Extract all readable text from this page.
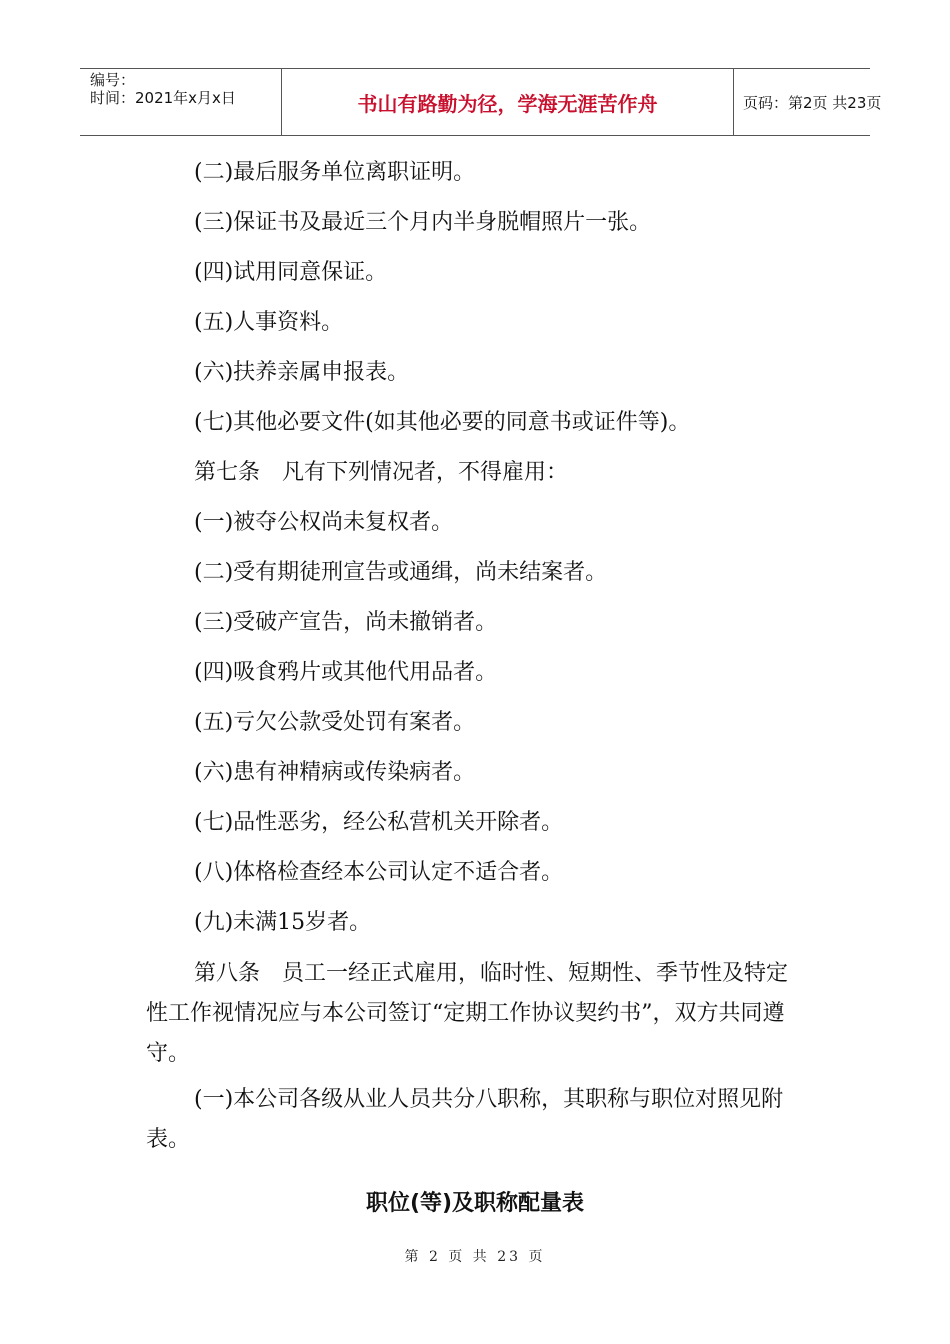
编号：
时间：2021年x月x日	书山有路勤为径，学海无涯苦作舟	页码：第2页 共23页

(二)最后服务单位离职证明。

(三)保证书及最近三个月内半身脱帽照片一张。

(四)试用同意保证。

(五)人事资料。

(六)扶养亲属申报表。

(七)其他必要文件(如其他必要的同意书或证件等)。

第七条　凡有下列情况者，不得雇用：

(一)被夺公权尚未复权者。

(二)受有期徒刑宣告或通缉，尚未结案者。

(三)受破产宣告，尚未撤销者。

(四)吸食鸦片或其他代用品者。

(五)亏欠公款受处罚有案者。

(六)患有神精病或传染病者。

(七)品性恶劣，经公私营机关开除者。

(八)体格检查经本公司认定不适合者。

(九)未满15岁者。

第八条　员工一经正式雇用，临时性、短期性、季节性及特定性工作视情况应与本公司签订“定期工作协议契约书”，双方共同遵守。

(一)本公司各级从业人员共分八职称，其职称与职位对照见附表。

职位(等)及职称配量表
第 2 页 共 23 页
